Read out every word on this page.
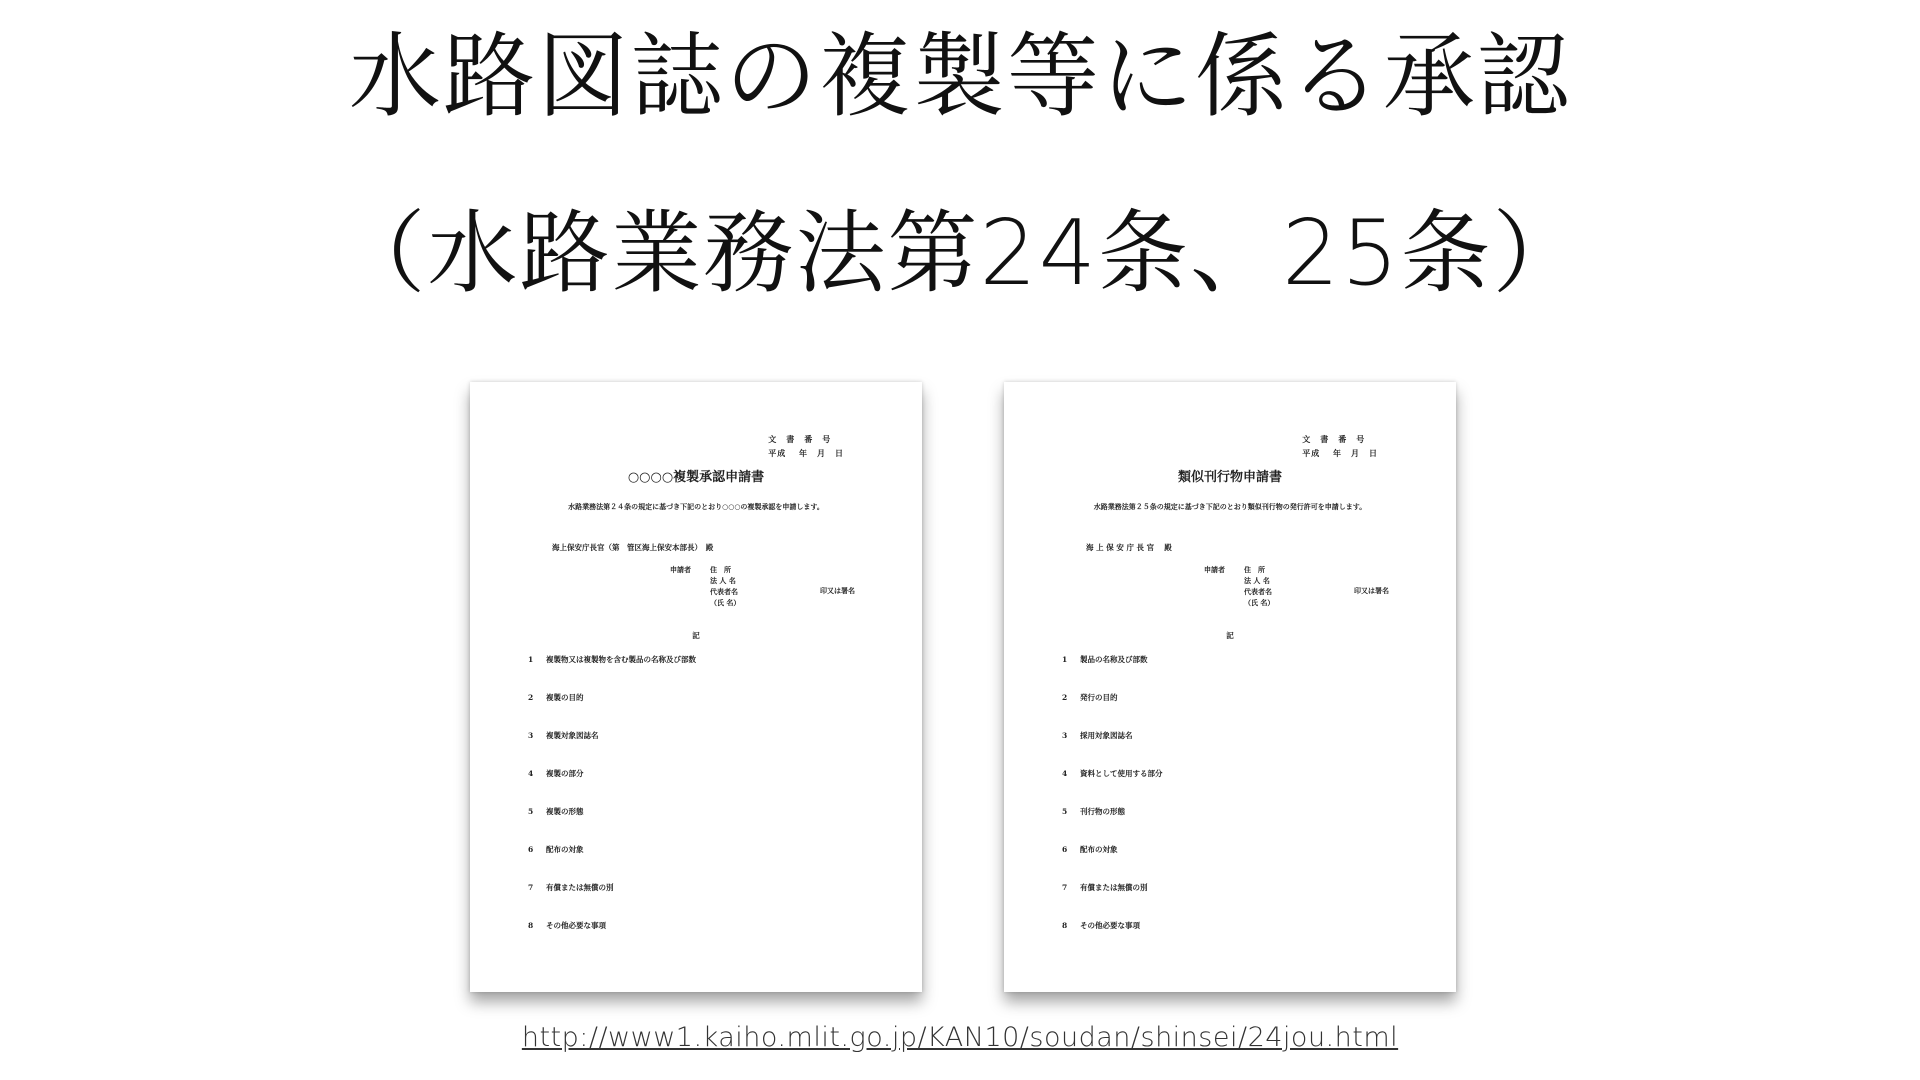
水路図誌の複製等に係る承認
（水路業務法第24条、25条）
文　書　番　号
平成　 年　月　日
○○○○複製承認申請書
水路業務法第２４条の規定に基づき下記のとおり○○○の複製承認を申請します。
海上保安庁長官（第　管区海上保安本部長）　殿
申請者	住　所
法 人 名
代表者名
（氏 名）
印又は署名
記
1 複製物又は複製物を含む製品の名称及び部数
2 複製の目的
3 複製対象図誌名
4 複製の部分
5 複製の形態
6 配布の対象
7 有償または無償の別
8 その他必要な事項
文　書　番　号
平成　 年　月　日
類似刊行物申請書
水路業務法第２５条の規定に基づき下記のとおり類似刊行物の発行許可を申請します。
海 上 保 安 庁 長 官　 殿
申請者	住　所
法 人 名
代表者名
（氏 名）
印又は署名
記
1 製品の名称及び部数
2 発行の目的
3 採用対象図誌名
4 資料として使用する部分
5 刊行物の形態
6 配布の対象
7 有償または無償の別
8 その他必要な事項
http://www1.kaiho.mlit.go.jp/KAN10/soudan/shinsei/24jou.html
